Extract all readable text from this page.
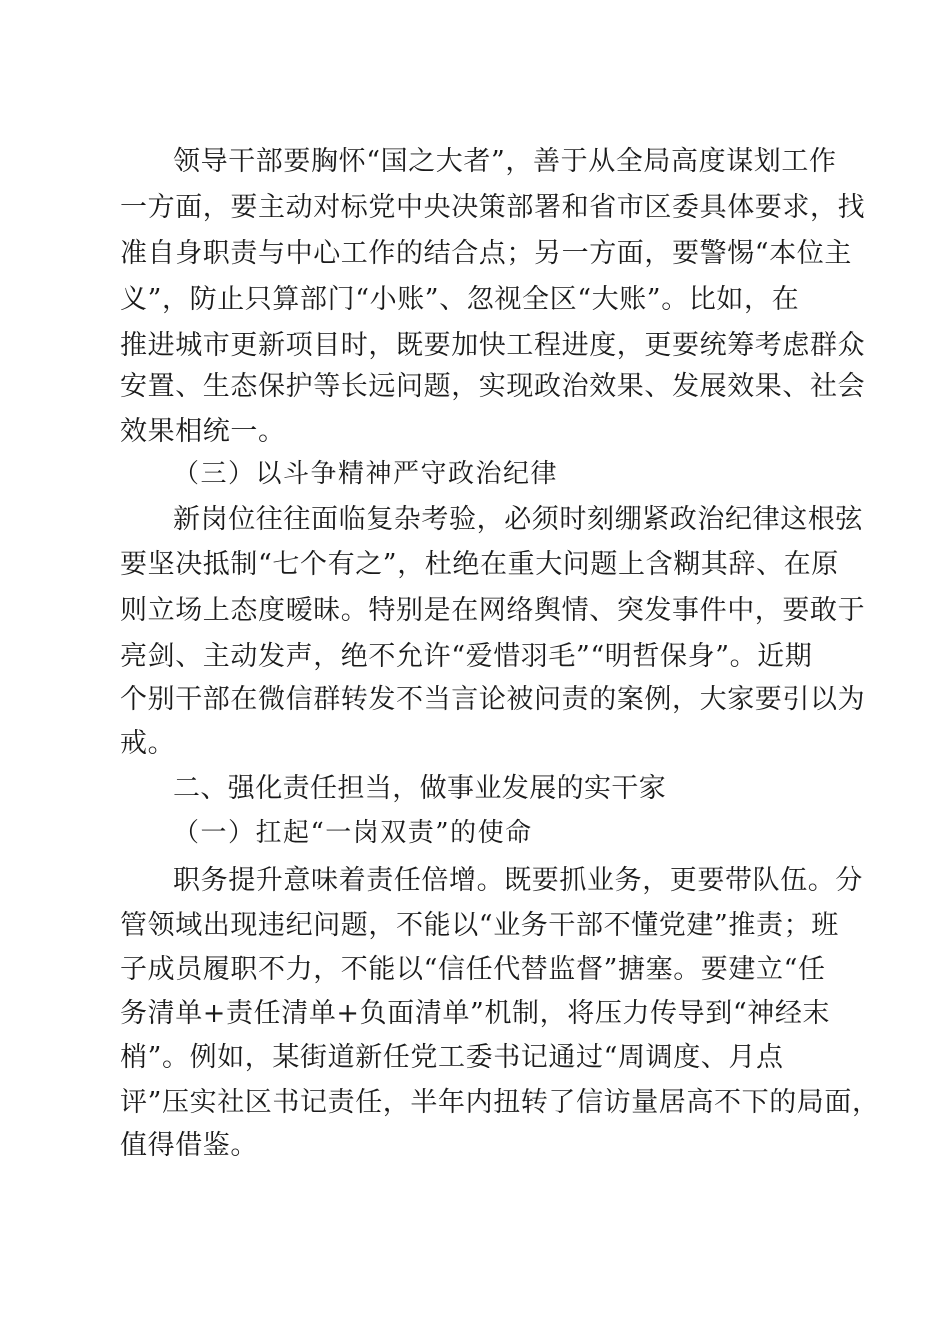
领导干部要胸怀“国之大者”，善于从全局高度谋划工作
一方面，要主动对标党中央决策部署和省市区委具体要求，找
准自身职责与中心工作的结合点；另一方面，要警惕“本位主
义”，防止只算部门“小账”、忽视全区“大账”。比如，在
推进城市更新项目时，既要加快工程进度，更要统筹考虑群众
安置、生态保护等长远问题，实现政治效果、发展效果、社会
效果相统一。
（三）以斗争精神严守政治纪律
新岗位往往面临复杂考验，必须时刻绷紧政治纪律这根弦
要坚决抵制“七个有之”，杜绝在重大问题上含糊其辞、在原
则立场上态度暧昧。特别是在网络舆情、突发事件中，要敢于
亮剑、主动发声，绝不允许“爱惜羽毛”“明哲保身”。近期
个别干部在微信群转发不当言论被问责的案例，大家要引以为
戒。
二、强化责任担当，做事业发展的实干家
（一）扛起“一岗双责”的使命
职务提升意味着责任倍增。既要抓业务，更要带队伍。分
管领域出现违纪问题，不能以“业务干部不懂党建”推责；班
子成员履职不力，不能以“信任代替监督”搪塞。要建立“任
务清单+责任清单+负面清单”机制，将压力传导到“神经末
梢”。例如，某街道新任党工委书记通过“周调度、月点
评”压实社区书记责任，半年内扭转了信访量居高不下的局面，
值得借鉴。
